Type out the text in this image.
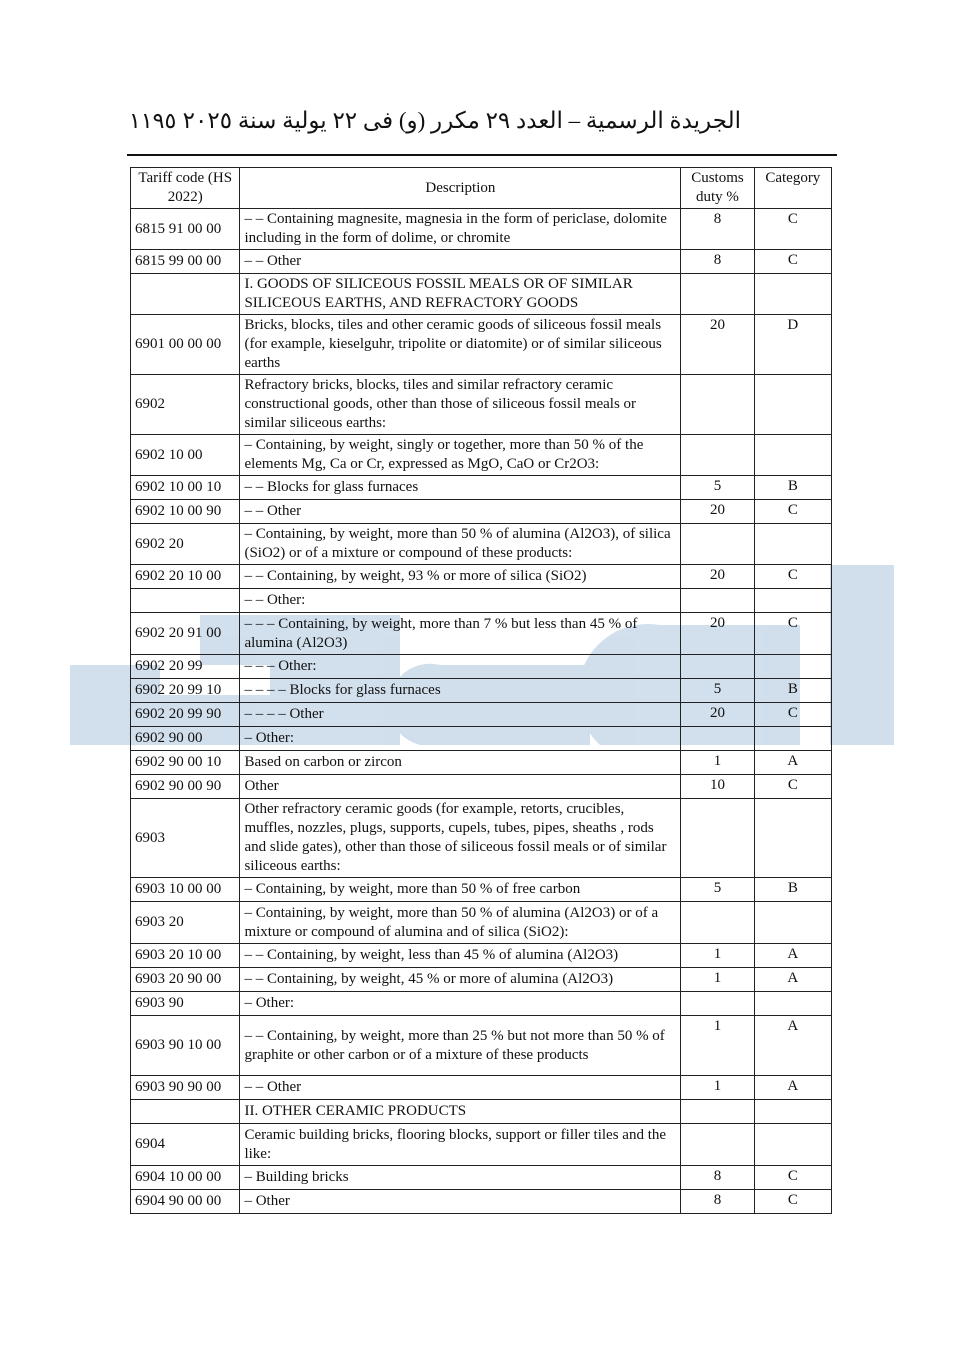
١١٩٥ الجريدة الرسمية – العدد ٢٩ مكرر (و) فى ٢٢ يولية سنة ٢٠٢٥
Tariff code (HS 2022)	Description	Customs duty %	Category
6815 91 00 00	– – Containing magnesite, magnesia in the form of periclase, dolomite including in the form of dolime, or chromite	8	C
6815 99 00 00	– – Other	8	C
	I. GOODS OF SILICEOUS FOSSIL MEALS OR OF SIMILAR SILICEOUS EARTHS, AND REFRACTORY GOODS		
6901 00 00 00	Bricks, blocks, tiles and other ceramic goods of siliceous fossil meals (for example, kieselguhr, tripolite or diatomite) or of similar siliceous earths	20	D
6902	Refractory bricks, blocks, tiles and similar refractory ceramic constructional goods, other than those of siliceous fossil meals or similar siliceous earths:		
6902 10 00	– Containing, by weight, singly or together, more than 50 % of the elements Mg, Ca or Cr, expressed as MgO, CaO or Cr2O3:		
6902 10 00 10	– – Blocks for glass furnaces	5	B
6902 10 00 90	– – Other	20	C
6902 20	– Containing, by weight, more than 50 % of alumina (Al2O3), of silica (SiO2) or of a mixture or compound of these products:		
6902 20 10 00	– – Containing, by weight, 93 % or more of silica (SiO2)	20	C
	– – Other:		
6902 20 91 00	– – – Containing, by weight, more than 7 % but less than 45 % of alumina (Al2O3)	20	C
6902 20 99	– – – Other:		
6902 20 99 10	– – – – Blocks for glass furnaces	5	B
6902 20 99 90	– – – – Other	20	C
6902 90 00	– Other:		
6902 90 00 10	Based on carbon or zircon	1	A
6902 90 00 90	Other	10	C
6903	Other refractory ceramic goods (for example, retorts, crucibles, muffles, nozzles, plugs, supports, cupels, tubes, pipes, sheaths , rods and slide gates), other than those of siliceous fossil meals or of similar siliceous earths:		
6903 10 00 00	– Containing, by weight, more than 50 % of free carbon	5	B
6903 20	– Containing, by weight, more than 50 % of alumina (Al2O3) or of a mixture or compound of alumina and of silica (SiO2):		
6903 20 10 00	– – Containing, by weight, less than 45 % of alumina (Al2O3)	1	A
6903 20 90 00	– – Containing, by weight, 45 % or more of alumina (Al2O3)	1	A
6903 90	– Other:		
6903 90 10 00	– – Containing, by weight, more than 25 % but not more than 50 % of graphite or other carbon or of a mixture of these products	1	A
6903 90 90 00	– – Other	1	A
	II. OTHER CERAMIC PRODUCTS		
6904	Ceramic building bricks, flooring blocks, support or filler tiles and the like:		
6904 10 00 00	– Building bricks	8	C
6904 90 00 00	– Other	8	C
